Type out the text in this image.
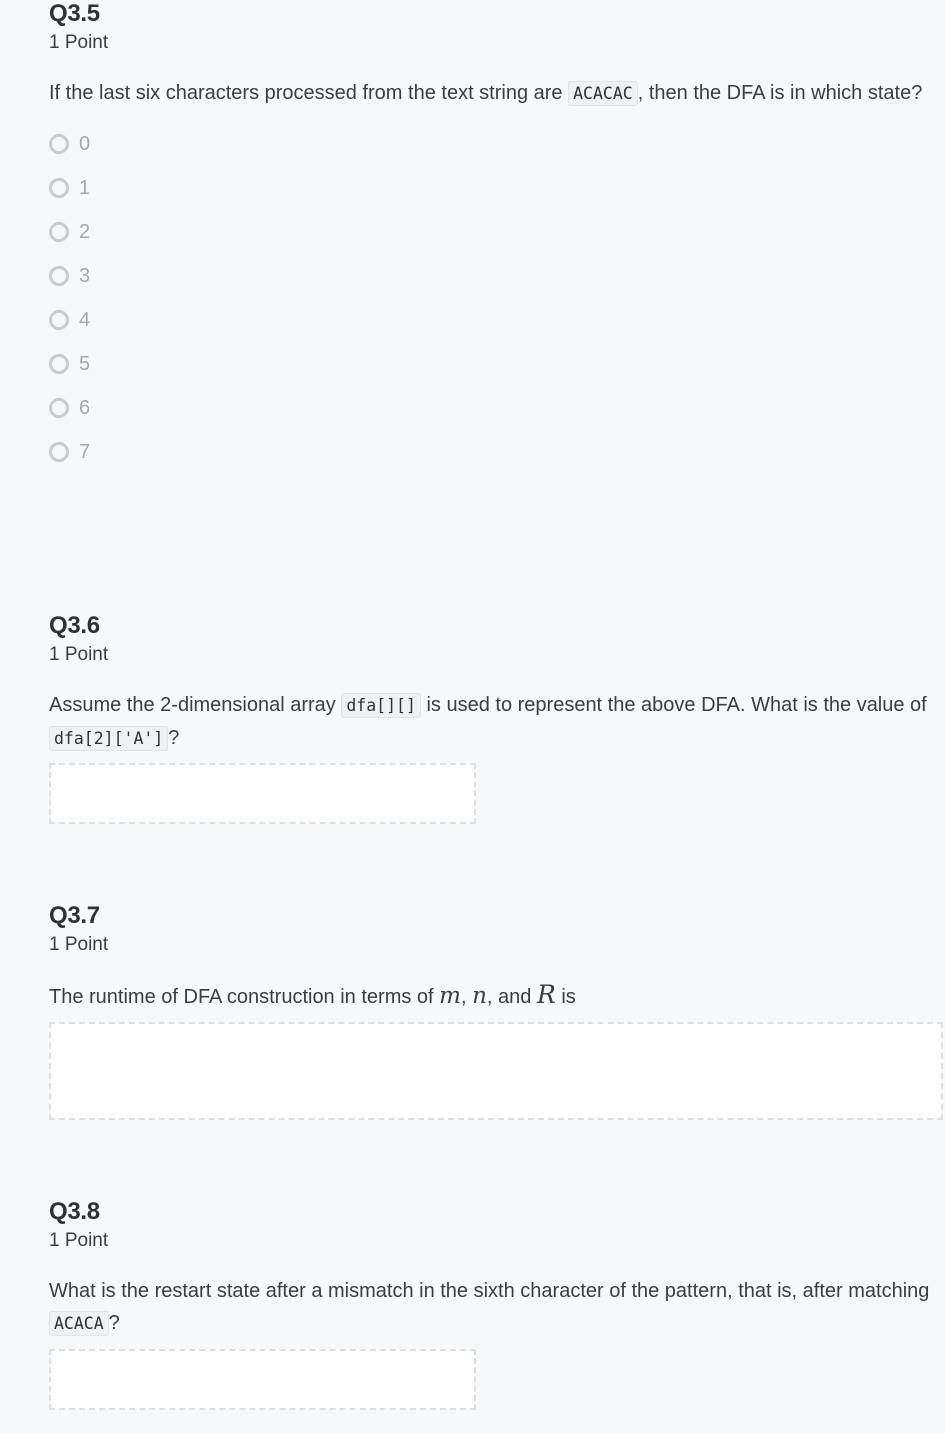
Q3.5
1 Point
If the last six characters processed from the text string are ACACAC , then the DFA is in which state?
0
1
2
3
4
5
6
7
Q3.6
1 Point
Assume the 2-dimensional array dfa[][] is used to represent the above DFA. What is the value of dfa[2]['A'] ?
Q3.7
1 Point
The runtime of DFA construction in terms of m, n, and R is
Q3.8
1 Point
What is the restart state after a mismatch in the sixth character of the pattern, that is, after matching ACACA ?
